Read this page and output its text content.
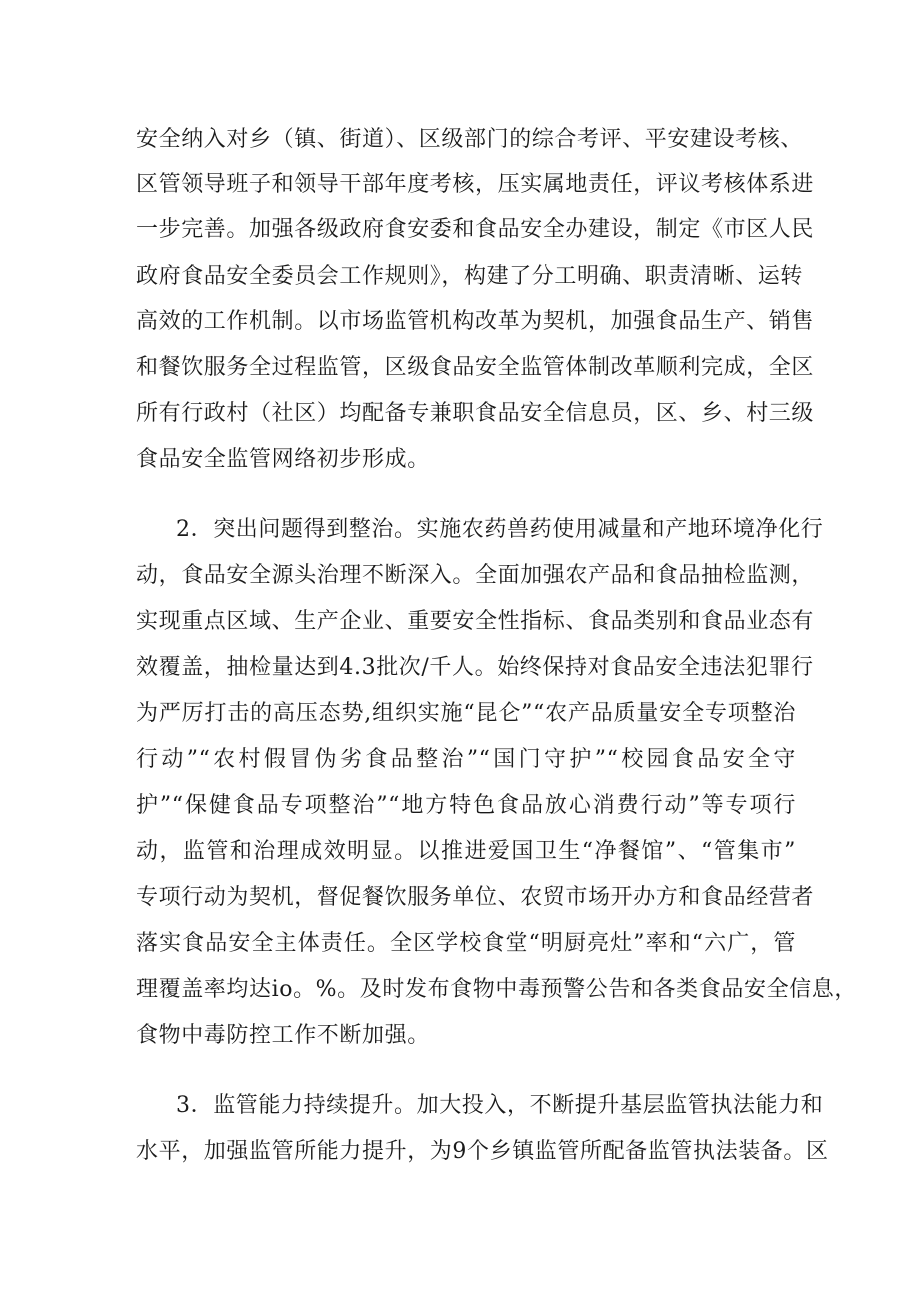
安全纳入对乡（镇、街道）、区级部门的综合考评、平安建设考核、
区管领导班子和领导干部年度考核，压实属地责任，评议考核体系进
一步完善。加强各级政府食安委和食品安全办建设，制定《市区人民
政府食品安全委员会工作规则》，构建了分工明确、职责清晰、运转
高效的工作机制。以市场监管机构改革为契机，加强食品生产、销售
和餐饮服务全过程监管，区级食品安全监管体制改革顺利完成，全区
所有行政村（社区）均配备专兼职食品安全信息员，区、乡、村三级
食品安全监管网络初步形成。
2．突出问题得到整治。实施农药兽药使用减量和产地环境净化行
动，食品安全源头治理不断深入。全面加强农产品和食品抽检监测，
实现重点区域、生产企业、重要安全性指标、食品类别和食品业态有
效覆盖，抽检量达到4.3批次/千人。始终保持对食品安全违法犯罪行
为严厉打击的高压态势,组织实施“昆仑”“农产品质量安全专项整治
行动”“农村假冒伪劣食品整治”“国门守护”“校园食品安全守
护”“保健食品专项整治”“地方特色食品放心消费行动”等专项行
动，监管和治理成效明显。以推进爱国卫生“净餐馆”、“管集市”
专项行动为契机，督促餐饮服务单位、农贸市场开办方和食品经营者
落实食品安全主体责任。全区学校食堂“明厨亮灶”率和“六广，管
理覆盖率均达io。%。及时发布食物中毒预警公告和各类食品安全信息，
食物中毒防控工作不断加强。
3．监管能力持续提升。加大投入，不断提升基层监管执法能力和
水平，加强监管所能力提升，为9个乡镇监管所配备监管执法装备。区
